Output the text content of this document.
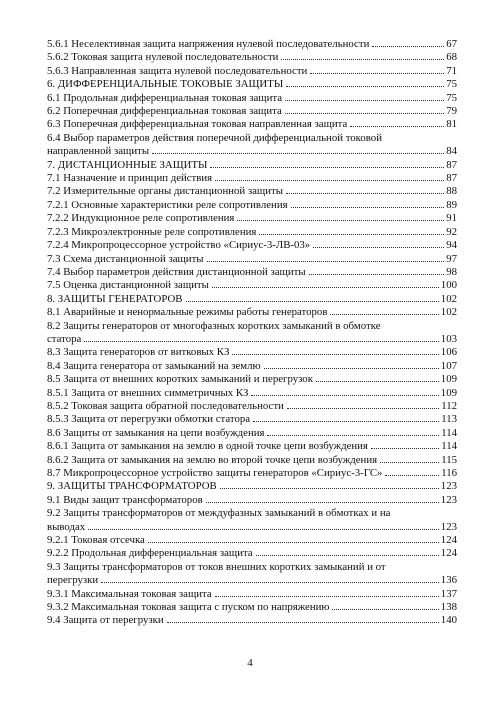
5.6.1 Неселективная защита напряжения нулевой последовательности	67
5.6.2 Токовая защита нулевой последовательности	68
5.6.3 Направленная защита нулевой последовательности	71
6. ДИФФЕРЕНЦИАЛЬНЫЕ ТОКОВЫЕ ЗАЩИТЫ	75
6.1 Продольная дифференциальная токовая защита	75
6.2 Поперечная дифференциальная токовая защита	79
6.3 Поперечная дифференциальная токовая направленная защита	81
6.4 Выбор параметров действия поперечной дифференциальной токовой
направленной защиты	84
7. ДИСТАНЦИОННЫЕ ЗАЩИТЫ	87
7.1 Назначение и принцип действия	87
7.2 Измерительные органы дистанционной защиты	88
7.2.1 Основные характеристики реле сопротивления	89
7.2.2 Индукционное реле сопротивления	91
7.2.3 Микроэлектронные реле сопротивления	92
7.2.4 Микропроцессорное устройство «Сириус-3-ЛВ-03»	94
7.3 Схема дистанционной защиты	97
7.4 Выбор параметров действия дистанционной защиты	98
7.5 Оценка дистанционной защиты	100
8. ЗАЩИТЫ ГЕНЕРАТОРОВ	102
8.1 Аварийные и ненормальные режимы работы генераторов	102
8.2 Защиты генераторов от многофазных коротких замыканий в обмотке
статора	103
8.3 Защита генераторов от витковых КЗ	106
8.4 Защита генератора от замыканий на землю	107
8.5 Защита от внешних коротких замыканий и перегрузок	109
8.5.1 Защита от внешних симметричных КЗ	109
8.5.2 Токовая защита обратной последовательности	112
8.5.3 Защита от перегрузки обмотки статора	113
8.6 Защиты от замыкания на цепи возбуждения	114
8.6.1 Защита от замыкания на землю в одной точке цепи возбуждения	114
8.6.2 Защита от замыкания на землю во второй точке цепи возбуждения	115
8.7 Микропроцессорное устройство защиты генераторов «Сириус-3-ГС»	116
9. ЗАЩИТЫ ТРАНСФОРМАТОРОВ	123
9.1 Виды защит трансформаторов	123
9.2 Защиты трансформаторов от междуфазных замыканий в обмотках и на
выводах	123
9.2.1 Токовая отсечка	124
9.2.2 Продольная дифференциальная защита	124
9.3 Защиты трансформаторов от токов внешних коротких замыканий и от
перегрузки	136
9.3.1 Максимальная токовая защита	137
9.3.2 Максимальная токовая защита с пуском по напряжению	138
9.4 Защита от перегрузки	140
4
